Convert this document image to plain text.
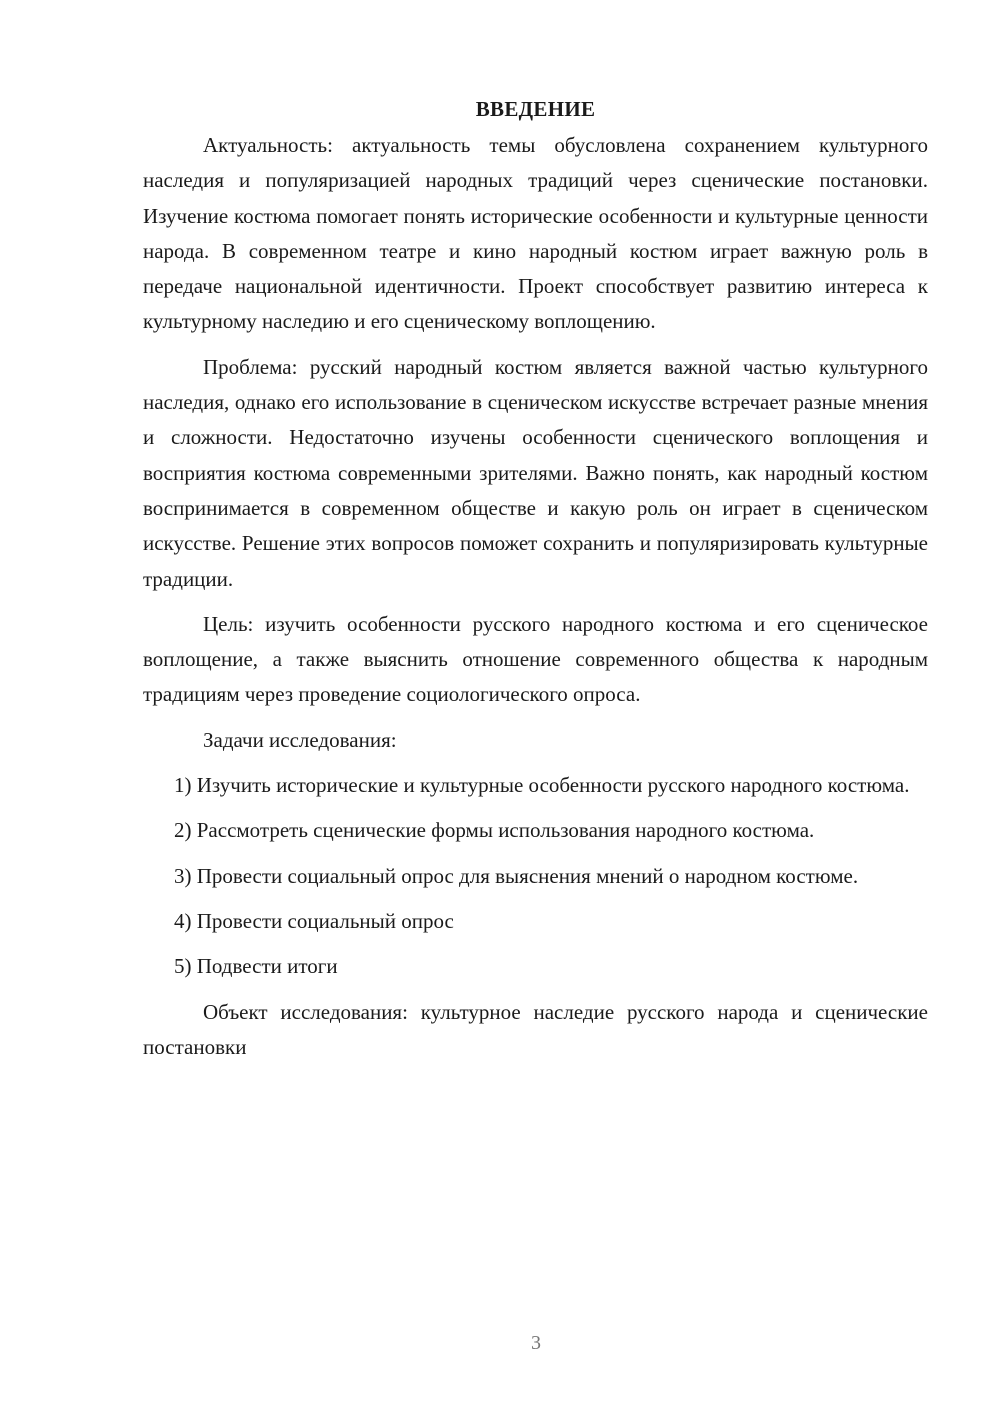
ВВЕДЕНИЕ

Актуальность: актуальность темы обусловлена сохранением культурного наследия и популяризацией народных традиций через сценические постановки. Изучение костюма помогает понять исторические особенности и культурные ценности народа. В современном театре и кино народный костюм играет важную роль в передаче национальной идентичности. Проект способствует развитию интереса к культурному наследию и его сценическому воплощению.

Проблема: русский народный костюм является важной частью культурного наследия, однако его использование в сценическом искусстве встречает разные мнения и сложности. Недостаточно изучены особенности сценического воплощения и восприятия костюма современными зрителями. Важно понять, как народный костюм воспринимается в современном обществе и какую роль он играет в сценическом искусстве. Решение этих вопросов поможет сохранить и популяризировать культурные традиции.

Цель: изучить особенности русского народного костюма и его сценическое воплощение, а также выяснить отношение современного общества к народным традициям через проведение социологического опроса.

Задачи исследования:

1) Изучить исторические и культурные особенности русского народного костюма.

2) Рассмотреть сценические формы использования народного костюма.

3) Провести социальный опрос для выяснения мнений о народном костюме.

4) Провести социальный опрос

5) Подвести итоги

Объект исследования: культурное наследие русского народа и сценические постановки

3
